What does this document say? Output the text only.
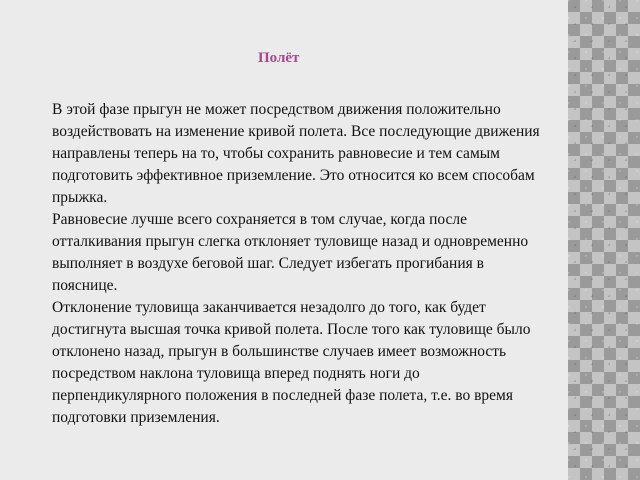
Полёт

В этой фазе прыгун не может посредством движения положительно воздействовать на изменение кривой полета. Все последующие движения направлены теперь на то, чтобы сохранить равновесие и тем самым подготовить эффективное приземление. Это относится ко всем способам прыжка.

Равновесие лучше всего сохраняется в том случае, когда после отталкивания прыгун слегка отклоняет туловище назад и одновременно выполняет в воздухе беговой шаг. Следует избегать прогибания в пояснице.

Отклонение туловища заканчивается незадолго до того, как будет достигнута высшая точка кривой полета. После того как туловище было отклонено назад, прыгун в большинстве случаев имеет возможность посредством наклона туловища вперед поднять ноги до перпендикулярного положения в последней фазе полета, т.е. во время подготовки приземления.
